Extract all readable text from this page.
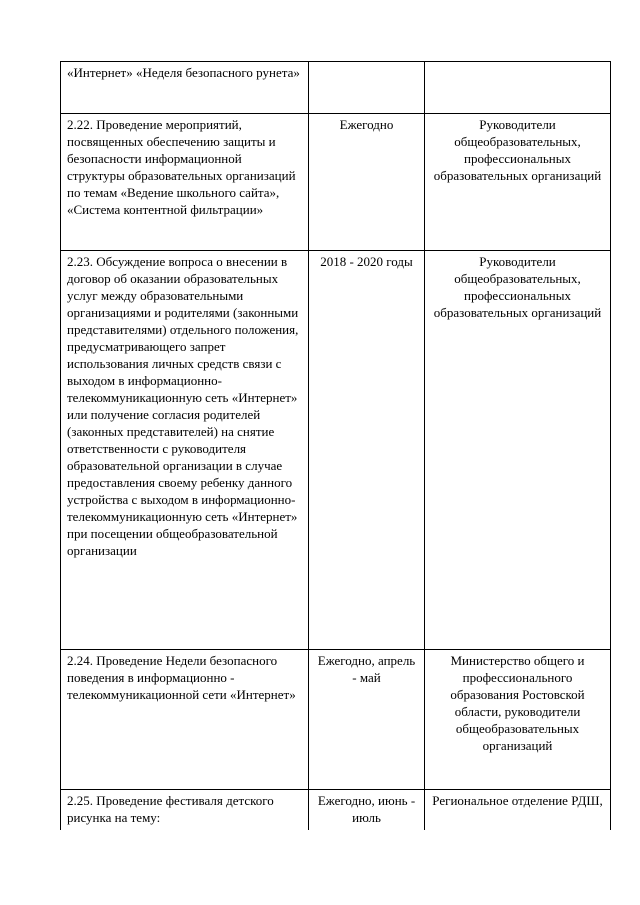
«Интернет» «Неделя безопасного рунета»		

2.22. Проведение мероприятий, посвященных обеспечению защиты и безопасности информационной структуры образовательных организаций по темам «Ведение школьного сайта», «Система контентной фильтрации»	Ежегодно	Руководители общеобразовательных, профессиональных образовательных организаций

2.23. Обсуждение вопроса о внесении в договор об оказании образовательных услуг между образовательными организациями и родителями (законными представителями) отдельного положения, предусматривающего запрет использования личных средств связи с выходом в информационно-телекоммуникационную сеть «Интернет» или получение согласия родителей (законных представителей) на снятие ответственности с руководителя образовательной организации в случае предоставления своему ребенку данного устройства с выходом в информационно-телекоммуникационную сеть «Интернет» при посещении общеобразовательной организации	2018 - 2020 годы	Руководители общеобразовательных, профессиональных образовательных организаций

2.24. Проведение Недели безопасного поведения в информационно - телекоммуникационной сети «Интернет»	Ежегодно, апрель - май	Министерство общего и профессионального образования Ростовской области, руководители общеобразовательных организаций

2.25. Проведение фестиваля детского рисунка на тему:	Ежегодно, июнь - июль	Региональное отделение РДШ,
